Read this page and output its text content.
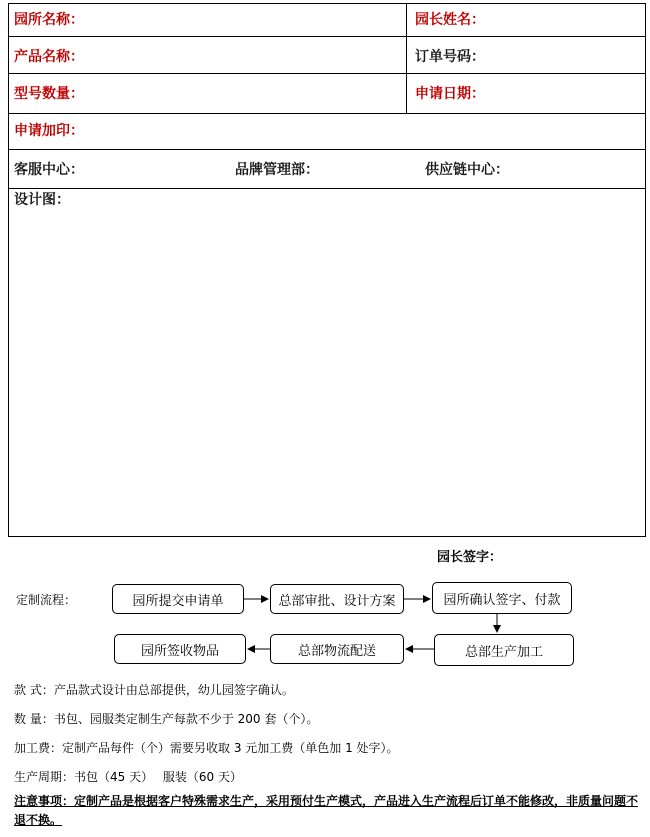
园所名称：	园长姓名：
产品名称：	订单号码：
型号数量：	申请日期：
申请加印：
客服中心：	品牌管理部：	供应链中心：
设计图：
园长签字：
定制流程：	园所提交申请单	总部审批、设计方案	园所确认签字、付款
总部生产加工
总部物流配送
园所签收物品
款 式：产品款式设计由总部提供，幼儿园签字确认。
数 量：书包、园服类定制生产每款不少于 200 套（个）。
加工费：定制产品每件（个）需要另收取 3 元加工费（单色加 1 处字）。
生产周期：书包（45 天）　 服装（60 天）
注意事项：定制产品是根据客户特殊需求生产，采用预付生产模式，产品进入生产流程后订单不能修改，非质量问题不退不换。
